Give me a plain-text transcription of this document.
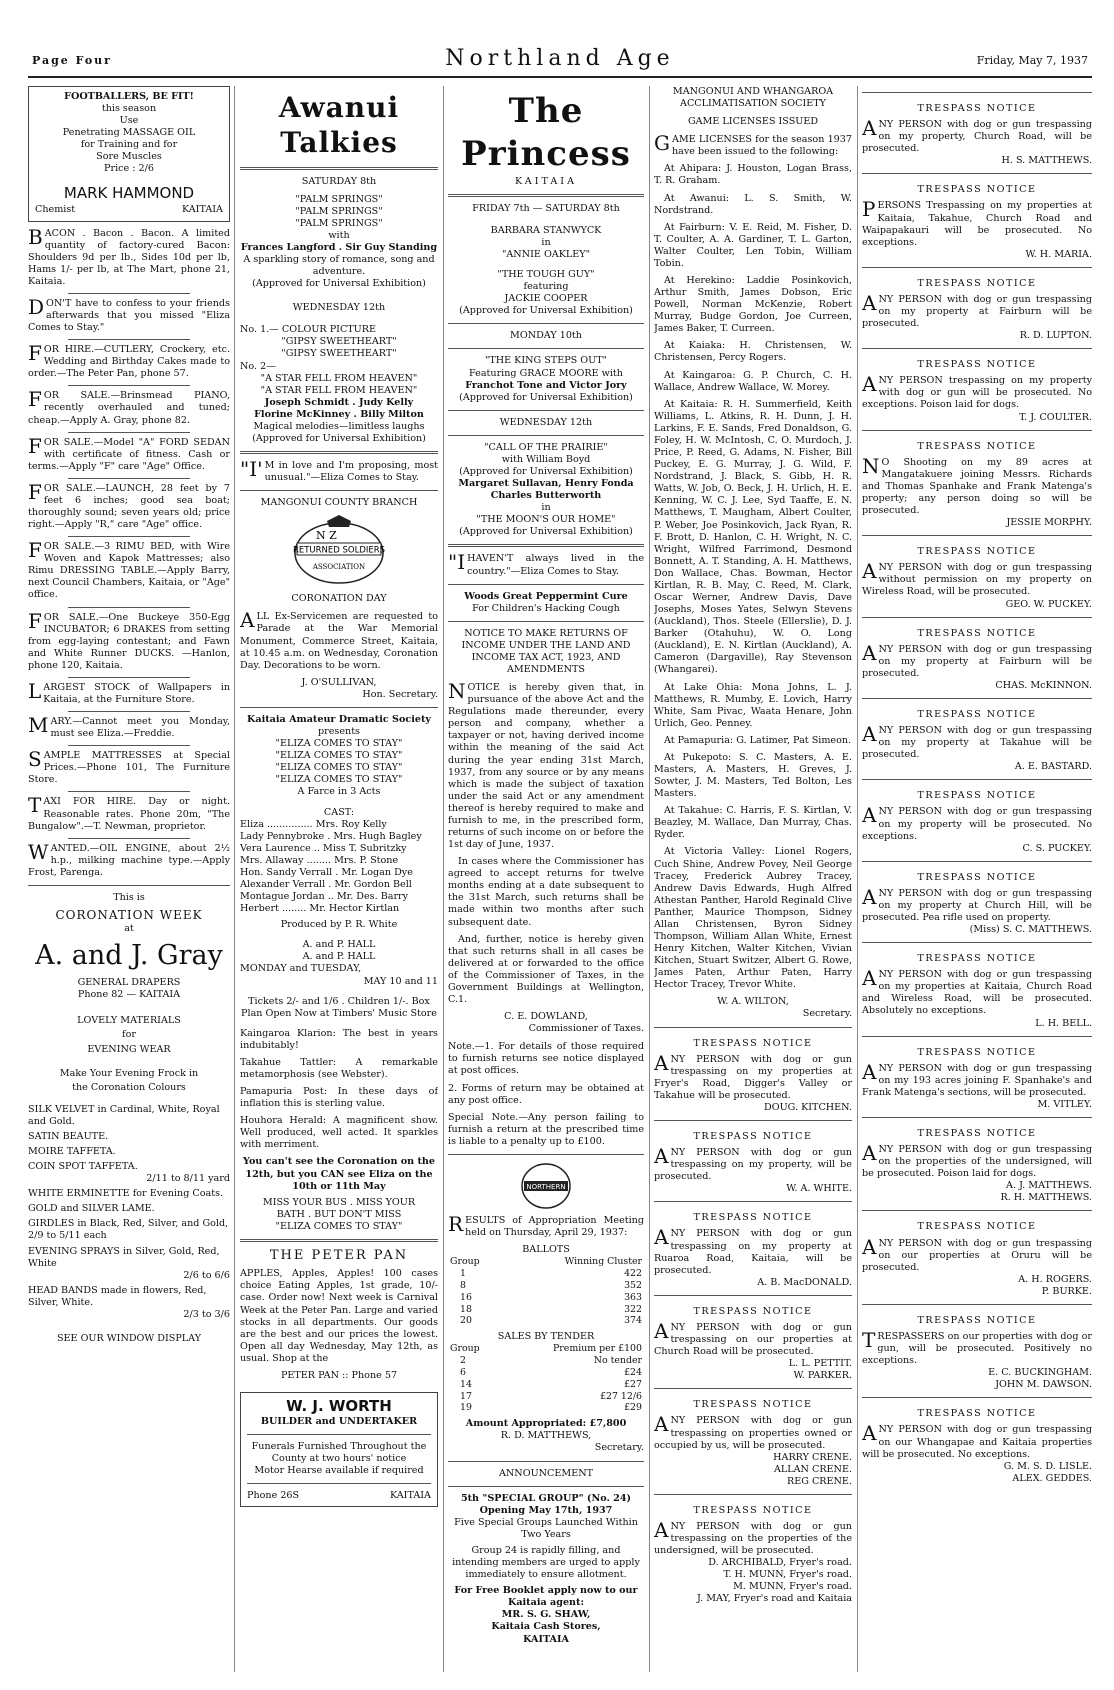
Page Four	Northland Age	Friday, May 7, 1937
FOOTBALLERS, BE FIT!
this season
Use
Penetrating MASSAGE OIL
for Training and for
Sore Muscles
Price : 2/6
MARK HAMMOND
Chemist	KAITAIA

BACON . Bacon . Bacon. A limited quantity of factory-cured Bacon: Shoulders 9d per lb., Sides 10d per lb, Hams 1/- per lb, at The Mart, phone 21, Kaitaia.

DON'T have to confess to your friends afterwards that you missed "Eliza Comes to Stay."

FOR HIRE.—CUTLERY, Crockery, etc. Wedding and Birthday Cakes made to order.—The Peter Pan, phone 57.

FOR SALE.—Brinsmead PIANO, recently overhauled and tuned; cheap.—Apply A. Gray, phone 82.

FOR SALE.—Model "A" FORD SEDAN with certificate of fitness. Cash or terms.—Apply "F" care "Age" Office.

FOR SALE.—LAUNCH, 28 feet by 7 feet 6 inches; good sea boat; thoroughly sound; seven years old; price right.—Apply "R," care "Age" office.

FOR SALE.—3 RIMU BED, with Wire Woven and Kapok Mattresses; also Rimu DRESSING TABLE.—Apply Barry, next Council Chambers, Kaitaia, or "Age" office.

FOR SALE.—One Buckeye 350-Egg INCUBATOR; 6 DRAKES from setting from egg-laying contestant; and Fawn and White Runner DUCKS. —Hanlon, phone 120, Kaitaia.

LARGEST STOCK of Wallpapers in Kaitaia, at the Furniture Store.

MARY.—Cannot meet you Monday, must see Eliza.—Freddie.

SAMPLE MATTRESSES at Special Prices.—Phone 101, The Furniture Store.

TAXI FOR HIRE. Day or night. Reasonable rates. Phone 20m, "The Bungalow".—T. Newman, proprietor.

WANTED.—OIL ENGINE, about 2½ h.p., milking machine type.—Apply Frost, Parenga.

This is
CORONATION WEEK
at
A. and J. Gray
GENERAL DRAPERS
Phone 82 — KAITAIA
LOVELY MATERIALS
for
EVENING WEAR
Make Your Evening Frock in
the Coronation Colours
SILK VELVET in Cardinal, White, Royal and Gold.
SATIN BEAUTE.
MOIRE TAFFETA.
COIN SPOT TAFFETA.
2/11 to 8/11 yard
WHITE ERMINETTE for Evening Coats.
GOLD and SILVER LAME.
GIRDLES in Black, Red, Silver, and Gold, 2/9 to 5/11 each
EVENING SPRAYS in Silver, Gold, Red, White
2/6 to 6/6
HEAD BANDS made in flowers, Red, Silver, White.
2/3 to 3/6
SEE OUR WINDOW DISPLAY
Awanui Talkies
SATURDAY 8th
"PALM SPRINGS"
"PALM SPRINGS"
"PALM SPRINGS"
with
Frances Langford . Sir Guy Standing
A sparkling story of romance, song and adventure.
(Approved for Universal Exhibition)
WEDNESDAY 12th
No. 1.— COLOUR PICTURE
"GIPSY SWEETHEART"
"GIPSY SWEETHEART"
No. 2—
"A STAR FELL FROM HEAVEN"
"A STAR FELL FROM HEAVEN"
Joseph Schmidt . Judy Kelly
Florine McKinney . Billy Milton
Magical melodies—limitless laughs
(Approved for Universal Exhibition)

"I'M in love and I'm proposing, most unusual."—Eliza Comes to Stay.

MANGONUI COUNTY BRANCH
N Z
RETURNED SOLDIERS
ASSOCIATION
CORONATION DAY

ALL Ex-Servicemen are requested to Parade at the War Memorial Monument, Commerce Street, Kaitaia, at 10.45 a.m. on Wednesday, Coronation Day. Decorations to be worn.

J. O'SULLIVAN,
Hon. Secretary.
Kaitaia Amateur Dramatic Society
presents
"ELIZA COMES TO STAY"
"ELIZA COMES TO STAY"
"ELIZA COMES TO STAY"
"ELIZA COMES TO STAY"
A Farce in 3 Acts
CAST:
Eliza ............... Mrs. Roy Kelly
Lady Pennybroke . Mrs. Hugh Bagley
Vera Laurence .. Miss T. Subritzky
Mrs. Allaway ........ Mrs. P. Stone
Hon. Sandy Verrall . Mr. Logan Dye
Alexander Verrall . Mr. Gordon Bell
Montague Jordan .. Mr. Des. Barry
Herbert ........ Mr. Hector Kirtlan
Produced by P. R. White
A. and P. HALL
A. and P. HALL
MONDAY and TUESDAY,
MAY 10 and 11

Tickets 2/- and 1/6 . Children 1/-. Box Plan Open Now at Timbers' Music Store

Kaingaroa Klarion: The best in years indubitably!

Takahue Tattler: A remarkable metamorphosis (see Webster).

Pamapuria Post: In these days of inflation this is sterling value.

Houhora Herald: A magnificent show. Well produced, well acted. It sparkles with merriment.

You can't see the Coronation on the 12th, but you CAN see Eliza on the 10th or 11th May

MISS YOUR BUS . MISS YOUR
BATH . BUT DON'T MISS
"ELIZA COMES TO STAY"
THE PETER PAN

APPLES, Apples, Apples! 100 cases choice Eating Apples, 1st grade, 10/- case. Order now! Next week is Carnival Week at the Peter Pan. Large and varied stocks in all departments. Our goods are the best and our prices the lowest. Open all day Wednesday, May 12th, as usual. Shop at the

PETER PAN :: Phone 57
W. J. WORTH
BUILDER and UNDERTAKER
Funerals Furnished Throughout the County at two hours' notice
Motor Hearse available if required
Phone 26S	KAITAIA
The Princess
KAITAIA
FRIDAY 7th — SATURDAY 8th
BARBARA STANWYCK
in
"ANNIE OAKLEY"
"THE TOUGH GUY"
featuring
JACKIE COOPER
(Approved for Universal Exhibition)
MONDAY 10th
"THE KING STEPS OUT"
Featuring GRACE MOORE with
Franchot Tone and Victor Jory
(Approved for Universal Exhibition)
WEDNESDAY 12th
"CALL OF THE PRAIRIE"
with William Boyd
(Approved for Universal Exhibition)
Margaret Sullavan, Henry Fonda
Charles Butterworth
in
"THE MOON'S OUR HOME"
(Approved for Universal Exhibition)

"IHAVEN'T always lived in the country."—Eliza Comes to Stay.

Woods Great Peppermint Cure
For Children's Hacking Cough
NOTICE TO MAKE RETURNS OF INCOME UNDER THE LAND AND INCOME TAX ACT, 1923, AND AMENDMENTS

NOTICE is hereby given that, in pursuance of the above Act and the Regulations made thereunder, every person and company, whether a taxpayer or not, having derived income within the meaning of the said Act during the year ending 31st March, 1937, from any source or by any means which is made the subject of taxation under the said Act or any amendment thereof is hereby required to make and furnish to me, in the prescribed form, returns of such income on or before the 1st day of June, 1937.

In cases where the Commissioner has agreed to accept returns for twelve months ending at a date subsequent to the 31st March, such returns shall be made within two months after such subsequent date.

And, further, notice is hereby given that such returns shall in all cases be delivered at or forwarded to the office of the Commissioner of Taxes, in the Government Buildings at Wellington, C.1.

C. E. DOWLAND,
Commissioner of Taxes.

Note.—1. For details of those required to furnish returns see notice displayed at post offices.

2. Forms of return may be obtained at any post office.

Special Note.—Any person failing to furnish a return at the prescribed time is liable to a penalty up to £100.

NORTHERN

RESULTS of Appropriation Meeting held on Thursday, April 29, 1937:

BALLOTS
Group	Winning Cluster
1	422
8	352
16	363
18	322
20	374
SALES BY TENDER
Group	Premium per £100
2	No tender
6	£24
14	£27
17	£27 12/6
19	£29
Amount Appropriated: £7,800
R. D. MATTHEWS,
Secretary.
ANNOUNCEMENT
5th "SPECIAL GROUP" (No. 24)
Opening May 17th, 1937
Five Special Groups Launched Within Two Years

Group 24 is rapidly filling, and intending members are urged to apply immediately to ensure allotment.

For Free Booklet apply now to our Kaitaia agent:
MR. S. G. SHAW,
Kaitaia Cash Stores,
KAITAIA
MANGONUI AND WHANGAROA
ACCLIMATISATION SOCIETY
GAME LICENSES ISSUED

GAME LICENSES for the season 1937 have been issued to the following:

At Ahipara: J. Houston, Logan Brass, T. R. Graham.

At Awanui: L. S. Smith, W. Nordstrand.

At Fairburn: V. E. Reid, M. Fisher, D. T. Coulter, A. A. Gardiner, T. L. Garton, Walter Coulter, Len Tobin, William Tobin.

At Herekino: Laddie Posinkovich, Arthur Smith, James Dobson, Eric Powell, Norman McKenzie, Robert Murray, Budge Gordon, Joe Curreen, James Baker, T. Curreen.

At Kaiaka: H. Christensen, W. Christensen, Percy Rogers.

At Kaingaroa: G. P. Church, C. H. Wallace, Andrew Wallace, W. Morey.

At Kaitaia: R. H. Summerfield, Keith Williams, L. Atkins, R. H. Dunn, J. H. Larkins, F. E. Sands, Fred Donaldson, G. Foley, H. W. McIntosh, C. O. Murdoch, J. Price, P. Reed, G. Adams, N. Fisher, Bill Puckey, E. G. Murray, J. G. Wild, F. Nordstrand, J. Black, S. Gibb, H. R. Watts, W. Job, O. Beck, J. H. Urlich, H. E. Kenning, W. C. J. Lee, Syd Taaffe, E. N. Matthews, T. Maugham, Albert Coulter, P. Weber, Joe Posinkovich, Jack Ryan, R. F. Brott, D. Hanlon, C. H. Wright, N. C. Wright, Wilfred Farrimond, Desmond Bonnett, A. T. Standing, A. H. Matthews, Don Wallace, Chas. Bowman, Hector Kirtlan, R. B. May, C. Reed, M. Clark, Oscar Werner, Andrew Davis, Dave Josephs, Moses Yates, Selwyn Stevens (Auckland), Thos. Steele (Ellerslie), D. J. Barker (Otahuhu), W. O. Long (Auckland), E. N. Kirtlan (Auckland), A. Cameron (Dargaville), Ray Stevenson (Whangarei).

At Lake Ohia: Mona Johns, L. J. Matthews, R. Mumby, E. Lovich, Harry White, Sam Pivac, Waata Henare, John Urlich, Geo. Penney.

At Pamapuria: G. Latimer, Pat Simeon.

At Pukepoto: S. C. Masters, A. E. Masters, A. Masters, H. Greves, J. Sowter, J. M. Masters, Ted Bolton, Les Masters.

At Takahue: C. Harris, F. S. Kirtlan, V. Beazley, M. Wallace, Dan Murray, Chas. Ryder.

At Victoria Valley: Lionel Rogers, Cuch Shine, Andrew Povey, Neil George Tracey, Frederick Aubrey Tracey, Andrew Davis Edwards, Hugh Alfred Athestan Panther, Harold Reginald Clive Panther, Maurice Thompson, Sidney Allan Christensen, Byron Sidney Thompson, William Allan White, Ernest Henry Kitchen, Walter Kitchen, Vivian Kitchen, Stuart Switzer, Albert G. Rowe, James Paten, Arthur Paten, Harry Hector Tracey, Trevor White.

W. A. WILTON,
Secretary.
TRESPASS NOTICE

ANY PERSON with dog or gun trespassing on my properties at Fryer's Road, Digger's Valley or Takahue will be prosecuted.

DOUG. KITCHEN.
TRESPASS NOTICE

ANY PERSON with dog or gun trespassing on my property, will be prosecuted.

W. A. WHITE.
TRESPASS NOTICE

ANY PERSON with dog or gun trespassing on my property at Ruaroa Road, Kaitaia, will be prosecuted.

A. B. MacDONALD.
TRESPASS NOTICE

ANY PERSON with dog or gun trespassing on our properties at Church Road will be prosecuted.

L. L. PETTIT.
W. PARKER.
TRESPASS NOTICE

ANY PERSON with dog or gun trespassing on properties owned or occupied by us, will be prosecuted.

HARRY CRENE.
ALLAN CRENE.
REG CRENE.
TRESPASS NOTICE

ANY PERSON with dog or gun trespassing on the properties of the undersigned, will be prosecuted.

D. ARCHIBALD, Fryer's road.
T. H. MUNN, Fryer's road.
M. MUNN, Fryer's road.
J. MAY, Fryer's road and Kaitaia
TRESPASS NOTICE

ANY PERSON with dog or gun trespassing on my property, Church Road, will be prosecuted.

H. S. MATTHEWS.
TRESPASS NOTICE

PERSONS Trespassing on my properties at Kaitaia, Takahue, Church Road and Waipapakauri will be prosecuted. No exceptions.

W. H. MARIA.
TRESPASS NOTICE

ANY PERSON with dog or gun trespassing on my property at Fairburn will be prosecuted.

R. D. LUPTON.
TRESPASS NOTICE

ANY PERSON trespassing on my property with dog or gun will be prosecuted. No exceptions. Poison laid for dogs.

T. J. COULTER.
TRESPASS NOTICE

NO Shooting on my 89 acres at Mangatakuere joining Messrs. Richards and Thomas Spanhake and Frank Matenga's property; any person doing so will be prosecuted.

JESSIE MORPHY.
TRESPASS NOTICE

ANY PERSON with dog or gun trespassing without permission on my property on Wireless Road, will be prosecuted.

GEO. W. PUCKEY.
TRESPASS NOTICE

ANY PERSON with dog or gun trespassing on my property at Fairburn will be prosecuted.

CHAS. McKINNON.
TRESPASS NOTICE

ANY PERSON with dog or gun trespassing on my property at Takahue will be prosecuted.

A. E. BASTARD.
TRESPASS NOTICE

ANY PERSON with dog or gun trespassing on my property will be prosecuted. No exceptions.

C. S. PUCKEY.
TRESPASS NOTICE

ANY PERSON with dog or gun trespassing on my property at Church Hill, will be prosecuted. Pea rifle used on property.

(Miss) S. C. MATTHEWS.
TRESPASS NOTICE

ANY PERSON with dog or gun trespassing on my properties at Kaitaia, Church Road and Wireless Road, will be prosecuted. Absolutely no exceptions.

L. H. BELL.
TRESPASS NOTICE

ANY PERSON with dog or gun trespassing on my 193 acres joining F. Spanhake's and Frank Matenga's sections, will be prosecuted.

M. VITLEY.
TRESPASS NOTICE

ANY PERSON with dog or gun trespassing on the properties of the undersigned, will be prosecuted. Poison laid for dogs.

A. J. MATTHEWS.
R. H. MATTHEWS.
TRESPASS NOTICE

ANY PERSON with dog or gun trespassing on our properties at Oruru will be prosecuted.

A. H. ROGERS.
P. BURKE.
TRESPASS NOTICE

TRESPASSERS on our properties with dog or gun, will be prosecuted. Positively no exceptions.

E. C. BUCKINGHAM.
JOHN M. DAWSON.
TRESPASS NOTICE

ANY PERSON with dog or gun trespassing on our Whangapae and Kaitaia properties will be prosecuted. No exceptions.

G. M. S. D. LISLE.
ALEX. GEDDES.
